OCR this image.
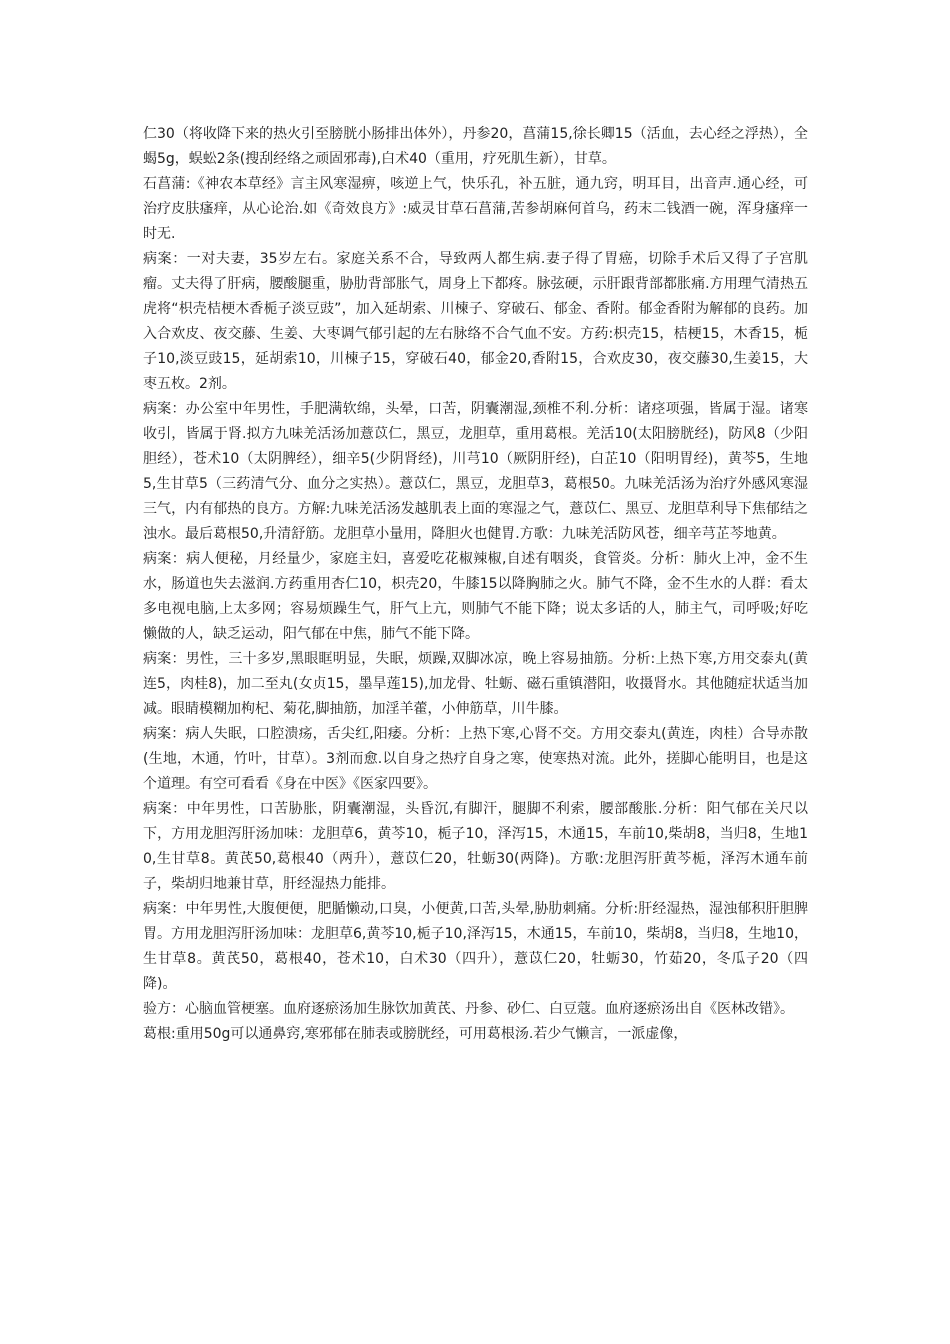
仁30（将收降下来的热火引至膀胱小肠排出体外），丹参20，菖蒲15,徐长卿15（活血，去心经之浮热），全蝎5g，蜈蚣2条(搜刮经络之顽固邪毒),白术40（重用，疗死肌生新），甘草。

石菖蒲:《神农本草经》言主风寒湿痹，咳逆上气，快乐孔，补五脏，通九窍，明耳目，出音声.通心经，可治疗皮肤瘙痒，从心论治.如《奇效良方》:威灵甘草石菖蒲,苦参胡麻何首乌，药末二钱酒一碗，浑身瘙痒一时无.

病案：一对夫妻，35岁左右。家庭关系不合，导致两人都生病.妻子得了胃癌，切除手术后又得了子宫肌瘤。丈夫得了肝病，腰酸腿重，胁肋背部胀气，周身上下都疼。脉弦硬，示肝跟背部都胀痛.方用理气清热五虎将“枳壳桔梗木香栀子淡豆豉”，加入延胡索、川楝子、穿破石、郁金、香附。郁金香附为解郁的良药。加入合欢皮、夜交藤、生姜、大枣调气郁引起的左右脉络不合气血不安。方药:枳壳15，桔梗15，木香15，栀子10,淡豆豉15，延胡索10，川楝子15，穿破石40，郁金20,香附15，合欢皮30，夜交藤30,生姜15，大枣五枚。2剂。

病案：办公室中年男性，手肥满软绵，头晕，口苦，阴囊潮湿,颈椎不利.分析：诸痉项强，皆属于湿。诸寒收引，皆属于肾.拟方九味羌活汤加薏苡仁，黑豆，龙胆草，重用葛根。羌活10(太阳膀胱经)，防风8（少阳胆经），苍术10（太阴脾经），细辛5(少阴肾经)，川芎10（厥阴肝经)，白芷10（阳明胃经)，黄芩5，生地5,生甘草5（三药清气分、血分之实热）。薏苡仁，黑豆，龙胆草3，葛根50。九味羌活汤为治疗外感风寒湿三气，内有郁热的良方。方解:九味羌活汤发越肌表上面的寒湿之气，薏苡仁、黑豆、龙胆草利导下焦郁结之浊水。最后葛根50,升清舒筋。龙胆草小量用，降胆火也健胃.方歌：九味羌活防风苍，细辛芎芷芩地黄。

病案：病人便秘，月经量少，家庭主妇，喜爱吃花椒辣椒,自述有咽炎，食管炎。分析：肺火上冲，金不生水，肠道也失去滋润.方药重用杏仁10，枳壳20，牛膝15以降胸肺之火。肺气不降，金不生水的人群：看太多电视电脑,上太多网；容易烦躁生气，肝气上亢，则肺气不能下降；说太多话的人，肺主气，司呼吸;好吃懒做的人，缺乏运动，阳气郁在中焦，肺气不能下降。

病案：男性，三十多岁,黑眼眶明显，失眠，烦躁,双脚冰凉，晚上容易抽筋。分析:上热下寒,方用交泰丸(黄连5，肉桂8)，加二至丸(女贞15，墨旱莲15),加龙骨、牡蛎、磁石重镇潜阳，收摄肾水。其他随症状适当加减。眼睛模糊加枸杞、菊花,脚抽筋，加淫羊藿，小伸筋草，川牛膝。

病案：病人失眠，口腔溃疡，舌尖红,阳痿。分析：上热下寒,心肾不交。方用交泰丸(黄连，肉桂）合导赤散(生地，木通，竹叶，甘草）。3剂而愈.以自身之热疗自身之寒，使寒热对流。此外，搓脚心能明目，也是这个道理。有空可看看《身在中医》《医家四要》。

病案：中年男性，口苦胁胀，阴囊潮湿，头昏沉,有脚汗，腿脚不利索，腰部酸胀.分析：阳气郁在关尺以下，方用龙胆泻肝汤加味：龙胆草6，黄芩10，栀子10，泽泻15，木通15，车前10,柴胡8，当归8，生地10,生甘草8。黄芪50,葛根40（两升），薏苡仁20，牡蛎30(两降)。方歌:龙胆泻肝黄芩栀，泽泻木通车前子，柴胡归地兼甘草，肝经湿热力能排。

病案：中年男性,大腹便便，肥腯懒动,口臭，小便黄,口苦,头晕,胁肋刺痛。分析:肝经湿热，湿浊郁积肝胆脾胃。方用龙胆泻肝汤加味：龙胆草6,黄芩10,栀子10,泽泻15，木通15，车前10，柴胡8，当归8，生地10，生甘草8。黄芪50，葛根40，苍术10，白术30（四升），薏苡仁20，牡蛎30，竹茹20，冬瓜子20（四降)。

验方：心脑血管梗塞。血府逐瘀汤加生脉饮加黄芪、丹参、砂仁、白豆蔻。血府逐瘀汤出自《医林改错》。

葛根:重用50g可以通鼻窍,寒邪郁在肺表或膀胱经，可用葛根汤.若少气懒言，一派虚像，
